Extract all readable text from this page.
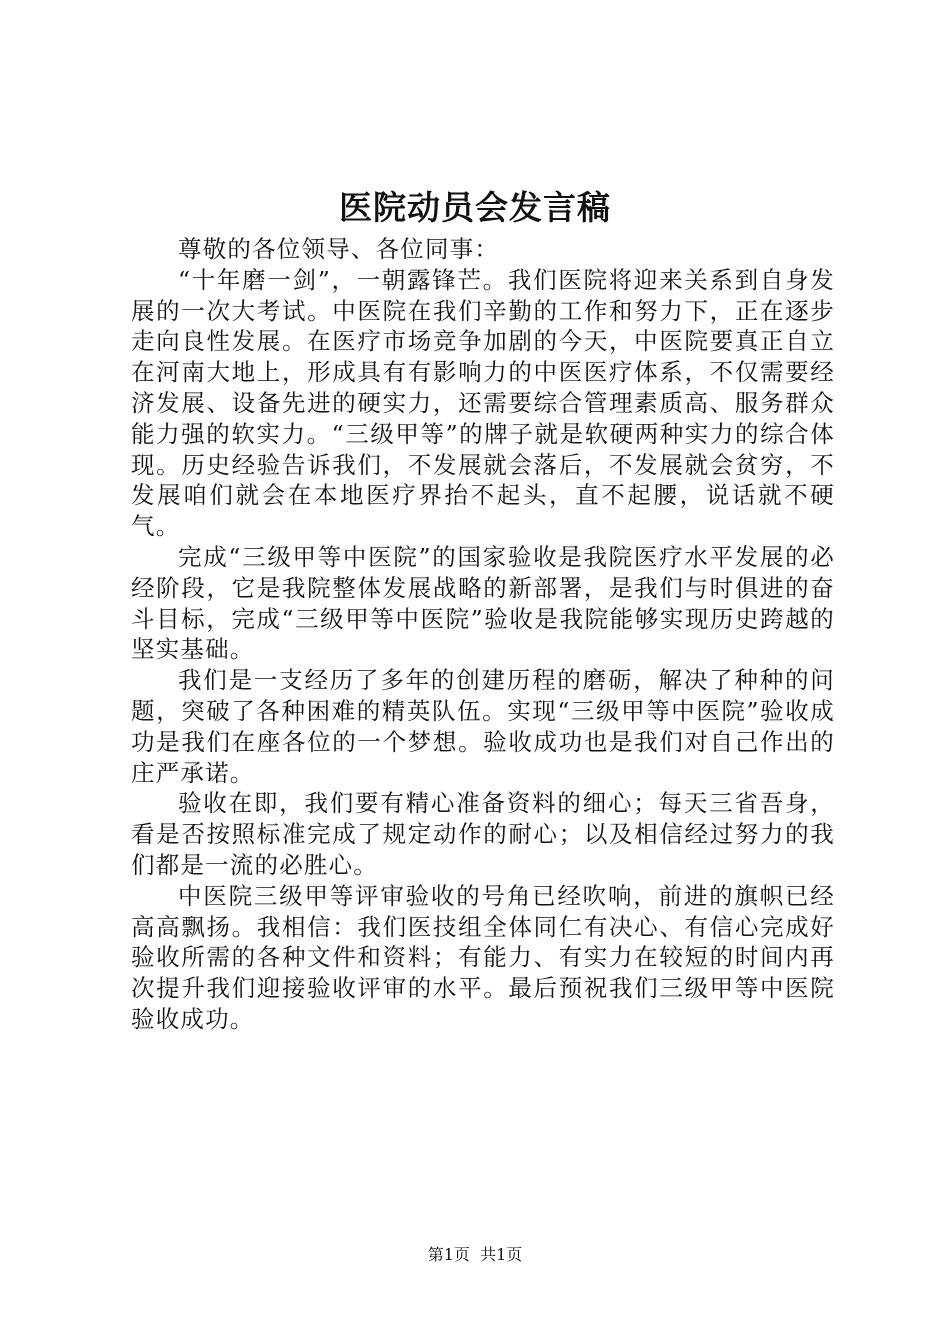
医院动员会发言稿

尊敬的各位领导、各位同事：

“十年磨一剑”，一朝露锋芒。我们医院将迎来关系到自身发展的一次大考试。中医院在我们辛勤的工作和努力下，正在逐步走向良性发展。在医疗市场竞争加剧的今天，中医院要真正自立在河南大地上，形成具有有影响力的中医医疗体系，不仅需要经济发展、设备先进的硬实力，还需要综合管理素质高、服务群众能力强的软实力。“三级甲等”的牌子就是软硬两种实力的综合体现。历史经验告诉我们，不发展就会落后，不发展就会贫穷，不发展咱们就会在本地医疗界抬不起头，直不起腰，说话就不硬气。

完成“三级甲等中医院”的国家验收是我院医疗水平发展的必经阶段，它是我院整体发展战略的新部署，是我们与时俱进的奋斗目标，完成“三级甲等中医院”验收是我院能够实现历史跨越的坚实基础。

我们是一支经历了多年的创建历程的磨砺，解决了种种的问题，突破了各种困难的精英队伍。实现“三级甲等中医院”验收成功是我们在座各位的一个梦想。验收成功也是我们对自己作出的庄严承诺。

验收在即，我们要有精心准备资料的细心；每天三省吾身，看是否按照标准完成了规定动作的耐心；以及相信经过努力的我们都是一流的必胜心。

中医院三级甲等评审验收的号角已经吹响，前进的旗帜已经高高飘扬。我相信：我们医技组全体同仁有决心、有信心完成好验收所需的各种文件和资料；有能力、有实力在较短的时间内再次提升我们迎接验收评审的水平。最后预祝我们三级甲等中医院验收成功。

第1页 共1页
